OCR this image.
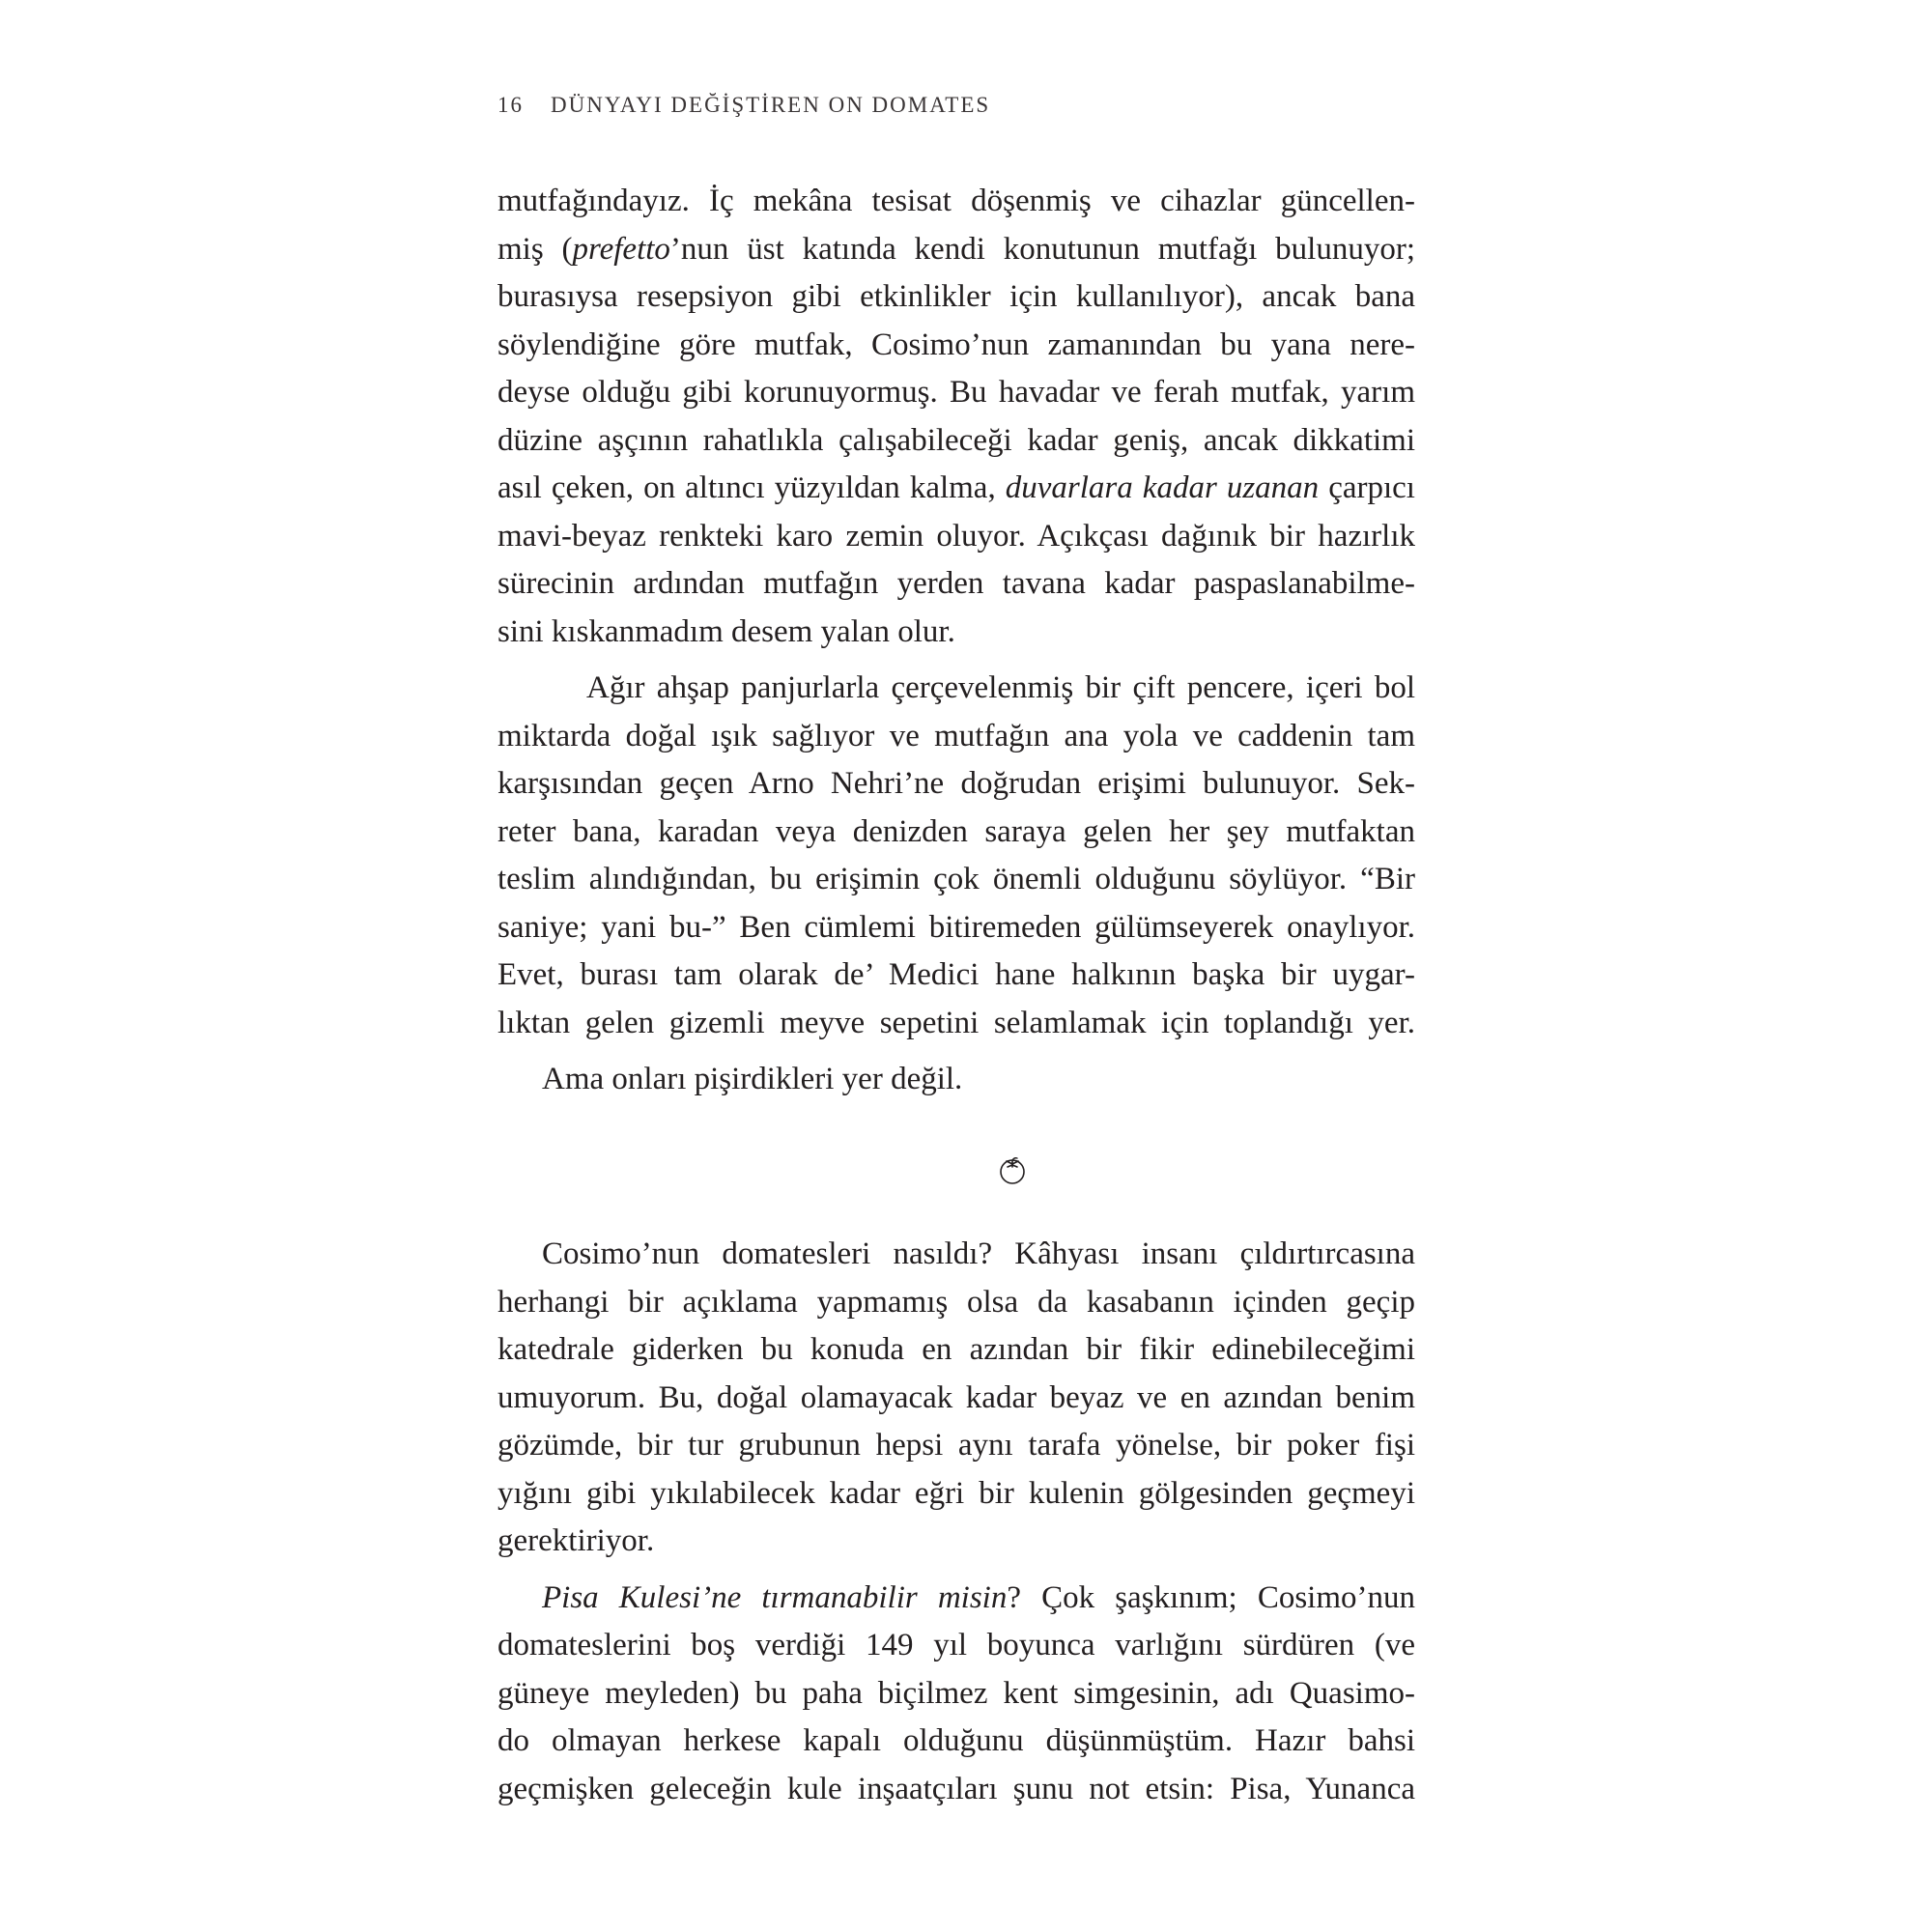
16 DÜNYAYI DEĞİŞTİREN ON DOMATES
mutfağındayız. İç mekâna tesisat döşenmiş ve cihazlar güncellen-
miş (prefetto’nun üst katında kendi konutunun mutfağı bulunuyor;
burasıysa resepsiyon gibi etkinlikler için kullanılıyor), ancak bana
söylendiğine göre mutfak, Cosimo’nun zamanından bu yana nere-
deyse olduğu gibi korunuyormuş. Bu havadar ve ferah mutfak, yarım
düzine aşçının rahatlıkla çalışabileceği kadar geniş, ancak dikkatimi
asıl çeken, on altıncı yüzyıldan kalma, duvarlara kadar uzanan çarpıcı
mavi-beyaz renkteki karo zemin oluyor. Açıkçası dağınık bir hazırlık
sürecinin ardından mutfağın yerden tavana kadar paspaslanabilme-
sini kıskanmadım desem yalan olur.
Ağır ahşap panjurlarla çerçevelenmiş bir çift pencere, içeri bol
miktarda doğal ışık sağlıyor ve mutfağın ana yola ve caddenin tam
karşısından geçen Arno Nehri’ne doğrudan erişimi bulunuyor. Sek-
reter bana, karadan veya denizden saraya gelen her şey mutfaktan
teslim alındığından, bu erişimin çok önemli olduğunu söylüyor. “Bir
saniye; yani bu-” Ben cümlemi bitiremeden gülümseyerek onaylıyor.
Evet, burası tam olarak de’ Medici hane halkının başka bir uygar-
lıktan gelen gizemli meyve sepetini selamlamak için toplandığı yer.
Ama onları pişirdikleri yer değil.
Cosimo’nun domatesleri nasıldı? Kâhyası insanı çıldırtırcasına
herhangi bir açıklama yapmamış olsa da kasabanın içinden geçip
katedrale giderken bu konuda en azından bir fikir edinebileceğimi
umuyorum. Bu, doğal olamayacak kadar beyaz ve en azından benim
gözümde, bir tur grubunun hepsi aynı tarafa yönelse, bir poker fişi
yığını gibi yıkılabilecek kadar eğri bir kulenin gölgesinden geçmeyi
gerektiriyor.
Pisa Kulesi’ne tırmanabilir misin? Çok şaşkınım; Cosimo’nun
domateslerini boş verdiği 149 yıl boyunca varlığını sürdüren (ve
güneye meyleden) bu paha biçilmez kent simgesinin, adı Quasimo-
do olmayan herkese kapalı olduğunu düşünmüştüm. Hazır bahsi
geçmişken geleceğin kule inşaatçıları şunu not etsin: Pisa, Yunanca
